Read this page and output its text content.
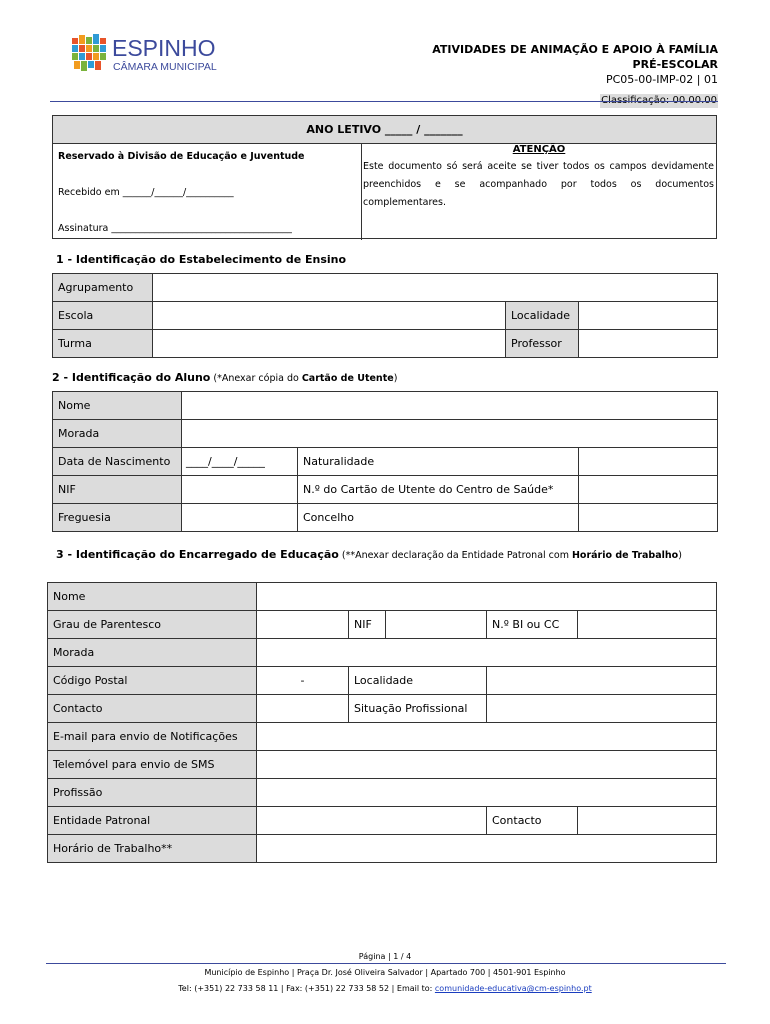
ESPINHO
CÂMARA MUNICIPAL
ATIVIDADES DE ANIMAÇÃO E APOIO À FAMÍLIA
PRÉ-ESCOLAR
PC05-00-IMP-02 | 01
Classificação: 00.00.00
ANO LETIVO _____ / _______
Reservado à Divisão de Educação e Juventude
Recebido em ______/______/__________
Assinatura ______________________________________
ATENÇÃO
Este documento só será aceite se tiver todos os campos devidamente preenchidos e se acompanhado por todos os documentos complementares.
1 - Identificação do Estabelecimento de Ensino
Agrupamento			
Escola		Localidade	
Turma		Professor	
2 - Identificação do Aluno (*Anexar cópia do Cartão de Utente)
Nome			
Morada			
Data de Nascimento	____/____/_____	Naturalidade	
NIF		N.º do Cartão de Utente do Centro de Saúde*	
Freguesia		Concelho	
3 - Identificação do Encarregado de Educação (**Anexar declaração da Entidade Patronal com Horário de Trabalho)
Nome					
Grau de Parentesco		NIF		N.º BI ou CC	
Morada					
Código Postal	-	Localidade			
Contacto		Situação Profissional			
E-mail para envio de Notificações					
Telemóvel para envio de SMS					
Profissão					
Entidade Patronal				Contacto	
Horário de Trabalho**					
Página | 1 / 4
Município de Espinho | Praça Dr. José Oliveira Salvador | Apartado 700 | 4501-901 Espinho
Tel: (+351) 22 733 58 11 | Fax: (+351) 22 733 58 52 | Email to: comunidade-educativa@cm-espinho.pt
